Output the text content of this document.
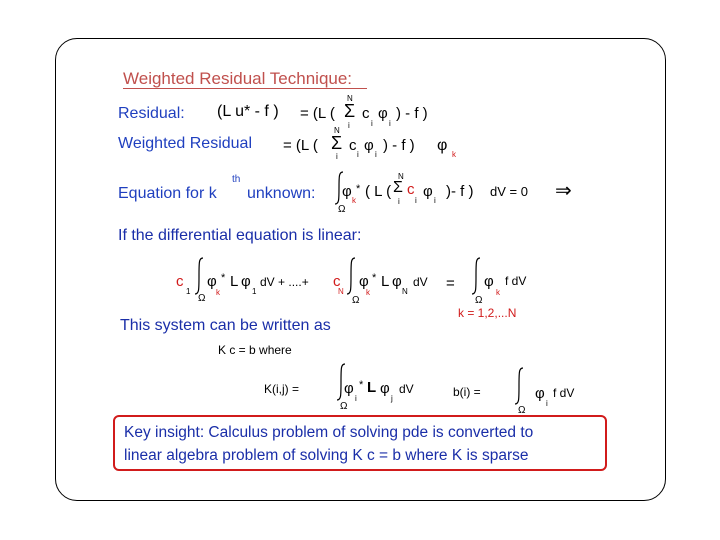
Weighted Residual Technique:
Residual: (L u* - f ) = (L (
N
Σ
i
c
i
φ
i
) - f )
Weighted Residual = (L (
N
Σ
i
c
i
φ
i
) - f ) φ
k
Equation for k
th
unknown:
Ω
φ
k
* ( L (
N
Σ
i
c
i
φ
i
)- f ) dV = 0 ⇒
If the differential equation is linear:
c
1
Ω
φ
k
* L φ
1
dV + ....+ c
N
Ω
φ
k
* L φ
N
dV =
Ω
φ
k
f dV
k = 1,2,...N
This system can be written as
K c = b where
K(i,j) =
Ω
φ
i
* L φ
j
dV	b(i) =
Ω
φ
i
f dV
Key insight: Calculus problem of solving pde is converted to
linear algebra problem of solving K c = b where K is sparse
